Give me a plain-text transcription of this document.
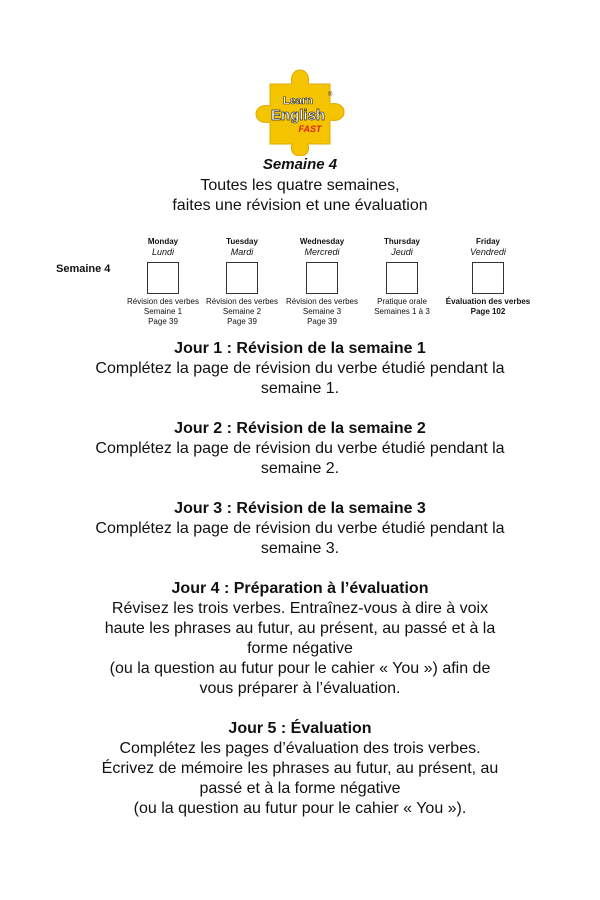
Learn
English
FAST
®
Semaine 4
Toutes les quatre semaines,
faites une révision et une évaluation
Semaine 4
Monday
Lundi
Révision des verbes
Semaine 1
Page 39
Tuesday
Mardi
Révision des verbes
Semaine 2
Page 39
Wednesday
Mercredi
Révision des verbes
Semaine 3
Page 39
Thursday
Jeudi
Pratique orale
Semaines 1 à 3
Friday
Vendredi
Évaluation des verbes
Page 102
Jour 1 : Révision de la semaine 1
Complétez la page de révision du verbe étudié pendant la
semaine 1.
Jour 2 : Révision de la semaine 2
Complétez la page de révision du verbe étudié pendant la
semaine 2.
Jour 3 : Révision de la semaine 3
Complétez la page de révision du verbe étudié pendant la
semaine 3.
Jour 4 : Préparation à l’évaluation
Révisez les trois verbes. Entraînez-vous à dire à voix
haute les phrases au futur, au présent, au passé et à la
forme négative
(ou la question au futur pour le cahier « You ») afin de
vous préparer à l’évaluation.
Jour 5 : Évaluation
Complétez les pages d’évaluation des trois verbes.
Écrivez de mémoire les phrases au futur, au présent, au
passé et à la forme négative
(ou la question au futur pour le cahier « You »).
